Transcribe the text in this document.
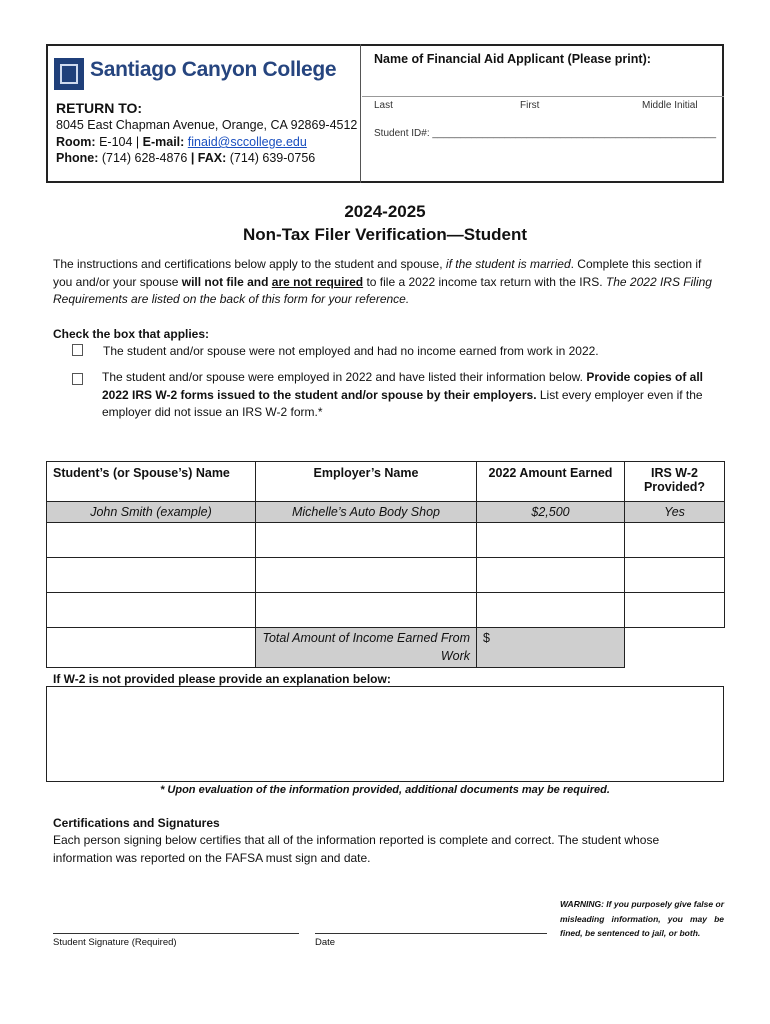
Santiago Canyon College
RETURN TO:
8045 East Chapman Avenue, Orange, CA 92869-4512
Room: E-104 | E-mail: finaid@sccollege.edu
Phone: (714) 628-4876 | FAX: (714) 639-0756
Name of Financial Aid Applicant (Please print):
Last	First	Middle Initial
Student ID#: ___________________________________________________
2024-2025
Non-Tax Filer Verification—Student
The instructions and certifications below apply to the student and spouse, if the student is married. Complete this section if you and/or your spouse will not file and are not required to file a 2022 income tax return with the IRS. The 2022 IRS Filing Requirements are listed on the back of this form for your reference.
Check the box that applies:
The student and/or spouse were not employed and had no income earned from work in 2022.
The student and/or spouse were employed in 2022 and have listed their information below. Provide copies of all 2022 IRS W-2 forms issued to the student and/or spouse by their employers. List every employer even if the employer did not issue an IRS W-2 form.*
Student’s (or Spouse’s) Name	Employer’s Name	2022 Amount Earned	IRS W-2 Provided?
John Smith (example)	Michelle’s Auto Body Shop	$2,500	Yes

	Total Amount of Income Earned From Work	$	
If W-2 is not provided please provide an explanation below:
* Upon evaluation of the information provided, additional documents may be required.
Certifications and Signatures
Each person signing below certifies that all of the information reported is complete and correct. The student whose information was reported on the FAFSA must sign and date.
Student Signature (Required)	Date
WARNING: If you purposely give false or misleading information, you may be fined, be sentenced to jail, or both.
